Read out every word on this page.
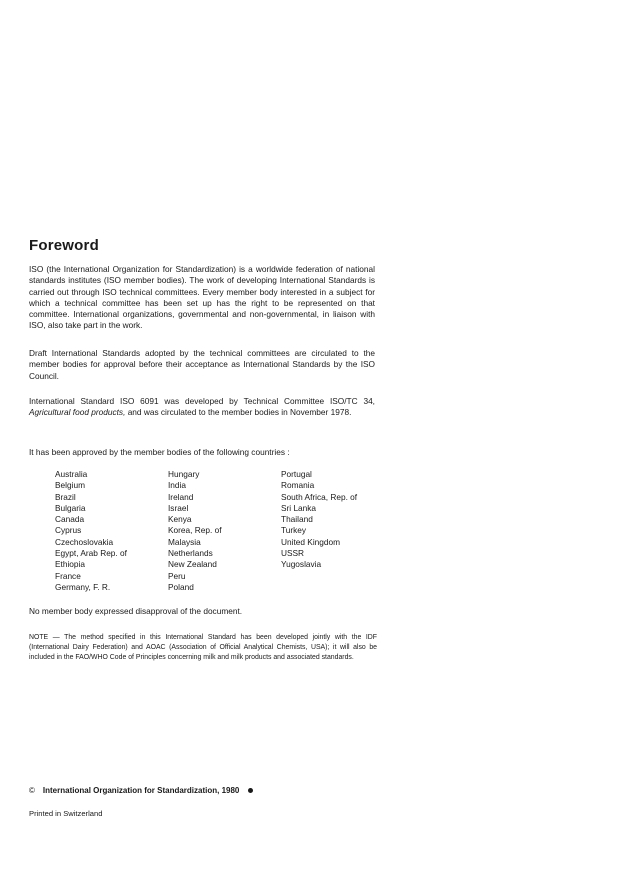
Foreword

ISO (the International Organization for Standardization) is a worldwide federation of national standards institutes (ISO member bodies). The work of developing International Standards is carried out through ISO technical committees. Every member body interested in a subject for which a technical committee has been set up has the right to be represented on that committee. International organizations, governmental and non-governmental, in liaison with ISO, also take part in the work.

Draft International Standards adopted by the technical committees are circulated to the member bodies for approval before their acceptance as International Standards by the ISO Council.

International Standard ISO 6091 was developed by Technical Committee ISO/TC 34, Agricultural food products, and was circulated to the member bodies in November 1978.

It has been approved by the member bodies of the following countries :

Australia
Belgium
Brazil
Bulgaria
Canada
Cyprus
Czechoslovakia
Egypt, Arab Rep. of
Ethiopia
France
Germany, F. R.
Hungary
India
Ireland
Israel
Kenya
Korea, Rep. of
Malaysia
Netherlands
New Zealand
Peru
Poland
Portugal
Romania
South Africa, Rep. of
Sri Lanka
Thailand
Turkey
United Kingdom
USSR
Yugoslavia

No member body expressed disapproval of the document.

NOTE — The method specified in this International Standard has been developed jointly with the IDF (International Dairy Federation) and AOAC (Association of Official Analytical Chemists, USA); it will also be included in the FAO/WHO Code of Principles concerning milk and milk products and associated standards.

© International Organization for Standardization, 1980
Printed in Switzerland
